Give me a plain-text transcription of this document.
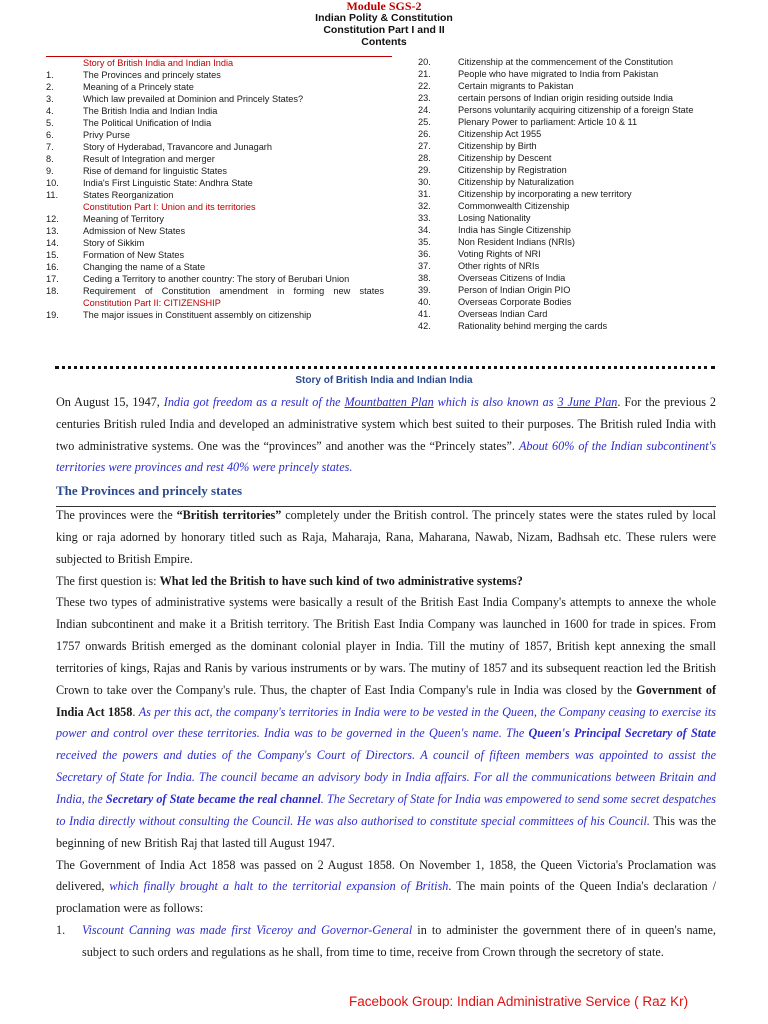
Module SGS-2
Indian Polity & Constitution
Constitution Part I and II
Contents
Story of British India and Indian India
1.	The Provinces and princely states
2.	Meaning of a Princely state
3.	Which law prevailed at Dominion and Princely States?
4.	The British India and Indian India
5.	The Political Unification of India
6.	Privy Purse
7.	Story of Hyderabad, Travancore and Junagarh
8.	Result of Integration and merger
9.	Rise of demand for linguistic States
10.	India's First Linguistic State: Andhra State
11.	States Reorganization
Constitution Part I: Union and its territories
12.	Meaning of Territory
13.	Admission of New States
14.	Story of Sikkim
15.	Formation of New States
16.	Changing the name of a State
17.	Ceding a Territory to another country: The story of Berubari Union
18.	Requirement of Constitution amendment in forming new states
Constitution Part II: CITIZENSHIP
19.	The major issues in Constituent assembly on citizenship
20.	Citizenship at the commencement of the Constitution
21.	People who have migrated to India from Pakistan
22.	Certain migrants to Pakistan
23.	certain persons of Indian origin residing outside India
24.	Persons voluntarily acquiring citizenship of a foreign State
25.	Plenary Power to parliament: Article 10 & 11
26.	Citizenship Act 1955
27.	Citizenship by Birth
28.	Citizenship by Descent
29.	Citizenship by Registration
30.	Citizenship by Naturalization
31.	Citizenship by incorporating a new territory
32.	Commonwealth Citizenship
33.	Losing Nationality
34.	India has Single Citizenship
35.	Non Resident Indians (NRIs)
36.	Voting Rights of NRI
37.	Other rights of NRIs
38.	Overseas Citizens of India
39.	Person of Indian Origin PIO
40.	Overseas Corporate Bodies
41.	Overseas Indian Card
42.	Rationality behind merging the cards
Story of British India and Indian India

On August 15, 1947, India got freedom as a result of the Mountbatten Plan which is also known as 3 June Plan. For the previous 2 centuries British ruled India and developed an administrative system which best suited to their purposes. The British ruled India with two administrative systems. One was the “provinces” and another was the “Princely states”. About 60% of the Indian subcontinent's territories were provinces and rest 40% were princely states.

The Provinces and princely states

The provinces were the “British territories” completely under the British control. The princely states were the states ruled by local king or raja adorned by honorary titled such as Raja, Maharaja, Rana, Maharana, Nawab, Nizam, Badhsah etc. These rulers were subjected to British Empire.

The first question is: What led the British to have such kind of two administrative systems?

These two types of administrative systems were basically a result of the British East India Company's attempts to annexe the whole Indian subcontinent and make it a British territory. The British East India Company was launched in 1600 for trade in spices. From 1757 onwards British emerged as the dominant colonial player in India. Till the mutiny of 1857, British kept annexing the small territories of kings, Rajas and Ranis by various instruments or by wars. The mutiny of 1857 and its subsequent reaction led the British Crown to take over the Company's rule. Thus, the chapter of East India Company's rule in India was closed by the Government of India Act 1858. As per this act, the company's territories in India were to be vested in the Queen, the Company ceasing to exercise its power and control over these territories. India was to be governed in the Queen's name. The Queen's Principal Secretary of State received the powers and duties of the Company's Court of Directors. A council of fifteen members was appointed to assist the Secretary of State for India. The council became an advisory body in India affairs. For all the communications between Britain and India, the Secretary of State became the real channel. The Secretary of State for India was empowered to send some secret despatches to India directly without consulting the Council. He was also authorised to constitute special committees of his Council. This was the beginning of new British Raj that lasted till August 1947.

The Government of India Act 1858 was passed on 2 August 1858. On November 1, 1858, the Queen Victoria's Proclamation was delivered, which finally brought a halt to the territorial expansion of British. The main points of the Queen India's declaration / proclamation were as follows:

1.	Viscount Canning was made first Viceroy and Governor-General in to administer the government there of in queen's name, subject to such orders and regulations as he shall, from time to time, receive from Crown through the secretory of state.

Facebook Group: Indian Administrative Service ( Raz Kr)
